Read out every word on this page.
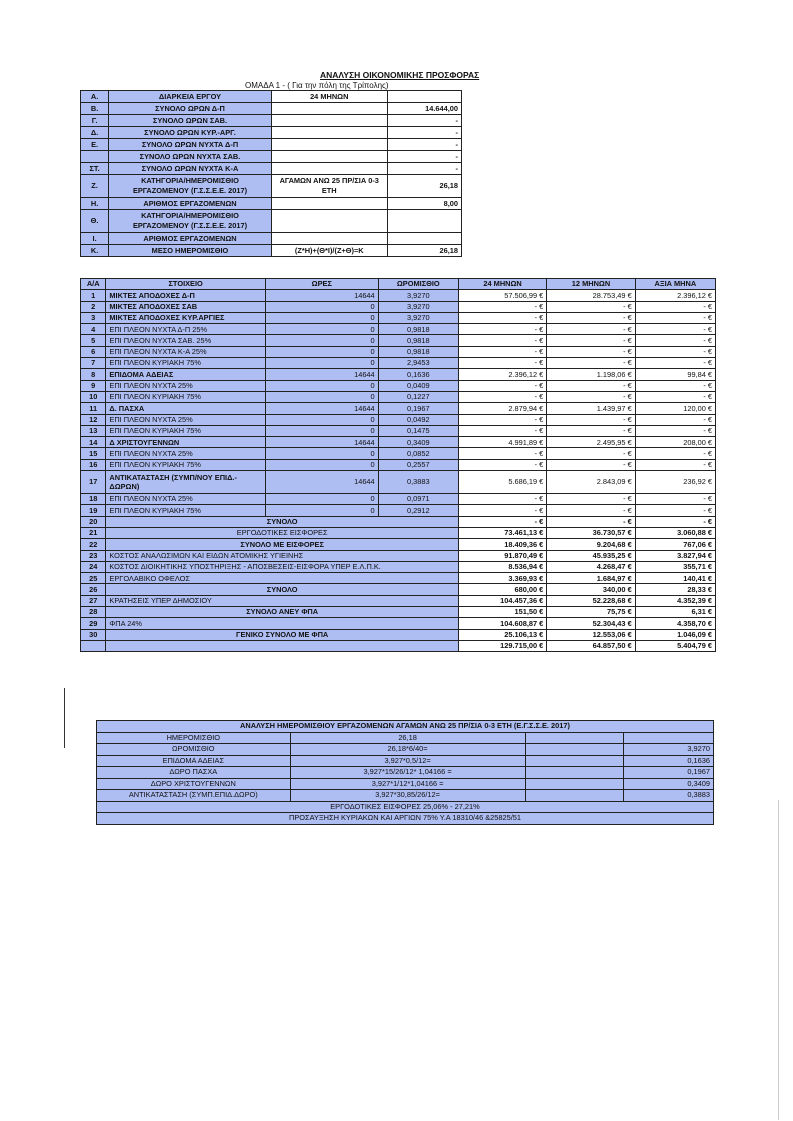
ΑΝΑΛΥΣΗ ΟΙΚΟΝΟΜΙΚΗΣ ΠΡΟΣΦΟΡΑΣ
ΟΜΑΔΑ 1 - ( Για την πόλη της Τρίπολης)
Α.	ΔΙΑΡΚΕΙΑ ΕΡΓΟΥ	24 ΜΗΝΩΝ	
Β.	ΣΥΝΟΛΟ ΩΡΩΝ Δ-Π		14.644,00
Γ.	ΣΥΝΟΛΟ ΩΡΩΝ ΣΑΒ.		-
Δ.	ΣΥΝΟΛΟ ΩΡΩΝ ΚΥΡ.-ΑΡΓ.		-
Ε.	ΣΥΝΟΛΟ ΩΡΩΝ ΝΥΧΤΑ Δ-Π		-
	ΣΥΝΟΛΟ ΩΡΩΝ ΝΥΧΤΑ ΣΑΒ.		-
ΣΤ.	ΣΥΝΟΛΟ ΩΡΩΝ ΝΥΧΤΑ Κ-Α		-
Ζ.	ΚΑΤΗΓΟΡΙΑ/ΗΜΕΡΟΜΙΣΘΙΟ ΕΡΓΑΖΟΜΕΝΟΥ (Γ.Σ.Σ.Ε.Ε. 2017)	ΑΓΑΜΩΝ ΑΝΩ 25 ΠΡ/ΣΙΑ 0-3 ΕΤΗ	26,18
Η.	ΑΡΙΘΜΟΣ ΕΡΓΑΖΟΜΕΝΩΝ		8,00
Θ.	ΚΑΤΗΓΟΡΙΑ/ΗΜΕΡΟΜΙΣΘΙΟ ΕΡΓΑΖΟΜΕΝΟΥ (Γ.Σ.Σ.Ε.Ε. 2017)		
Ι.	ΑΡΙΘΜΟΣ ΕΡΓΑΖΟΜΕΝΩΝ		
Κ.	ΜΕΣΟ ΗΜΕΡΟΜΙΣΘΙΟ	(Ζ*Η)+(Θ*Ι)/(Ζ+Θ)=Κ	26,18
Α/Α	ΣΤΟΙΧΕΙΟ	ΩΡΕΣ	ΩΡΟΜΙΣΘΙΟ	24 ΜΗΝΩΝ	12 ΜΗΝΩΝ	ΑΞΙΑ ΜΗΝΑ
1	ΜΙΚΤΕΣ ΑΠΟΔΟΧΕΣ Δ-Π	14644	3,9270	57.506,99 €	28.753,49 €	2.396,12 €
2	ΜΙΚΤΕΣ ΑΠΟΔΟΧΕΣ ΣΑΒ	0	3,9270	- €	- €	- €
3	ΜΙΚΤΕΣ ΑΠΟΔΟΧΕΣ ΚΥΡ.ΑΡΓΙΕΣ	0	3,9270	- €	- €	- €
4	ΕΠΙ ΠΛΕΟΝ ΝΥΧΤΑ Δ-Π 25%	0	0,9818	- €	- €	- €
5	ΕΠΙ ΠΛΕΟΝ ΝΥΧΤΑ ΣΑΒ. 25%	0	0,9818	- €	- €	- €
6	ΕΠΙ ΠΛΕΟΝ ΝΥΧΤΑ Κ-Α 25%	0	0,9818	- €	- €	- €
7	ΕΠΙ ΠΛΕΟΝ ΚΥΡΙΑΚΗ 75%	0	2,9453	- €	- €	- €
8	ΕΠΙΔΟΜΑ ΑΔΕΙΑΣ	14644	0,1636	2.396,12 €	1.198,06 €	99,84 €
9	ΕΠΙ ΠΛΕΟΝ ΝΥΧΤΑ 25%	0	0,0409	- €	- €	- €
10	ΕΠΙ ΠΛΕΟΝ ΚΥΡΙΑΚΗ 75%	0	0,1227	- €	- €	- €
11	Δ. ΠΑΣΧΑ	14644	0,1967	2.879,94 €	1.439,97 €	120,00 €
12	ΕΠΙ ΠΛΕΟΝ ΝΥΧΤΑ 25%	0	0,0492	- €	- €	- €
13	ΕΠΙ ΠΛΕΟΝ ΚΥΡΙΑΚΗ 75%	0	0,1475	- €	- €	- €
14	Δ ΧΡΙΣΤΟΥΓΕΝΝΩΝ	14644	0,3409	4.991,89 €	2.495,95 €	208,00 €
15	ΕΠΙ ΠΛΕΟΝ ΝΥΧΤΑ 25%	0	0,0852	- €	- €	- €
16	ΕΠΙ ΠΛΕΟΝ ΚΥΡΙΑΚΗ 75%	0	0,2557	- €	- €	- €
17	ΑΝΤΙΚΑΤΑΣΤΑΣΗ (ΣΥΜΠ/ΝΟΥ ΕΠΙΔ.-ΔΩΡΩΝ)	14644	0,3883	5.686,19 €	2.843,09 €	236,92 €
18	ΕΠΙ ΠΛΕΟΝ ΝΥΧΤΑ 25%	0	0,0971	- €	- €	- €
19	ΕΠΙ ΠΛΕΟΝ ΚΥΡΙΑΚΗ 75%	0	0,2912	- €	- €	- €
20	ΣΥΝΟΛΟ			- €	- €	- €
21	ΕΡΓΟΔΟΤΙΚΕΣ ΕΙΣΦΟΡΕΣ			73.461,13 €	36.730,57 €	3.060,88 €
22	ΣΥΝΟΛΟ ΜΕ ΕΙΣΦΟΡΕΣ			18.409,36 €	9.204,68 €	767,06 €
23	ΚΟΣΤΟΣ ΑΝΑΛΩΣΙΜΩΝ ΚΑΙ ΕΙΔΩΝ ΑΤΟΜΙΚΗΣ ΥΓΙΕΙΝΗΣ			91.870,49 €	45.935,25 €	3.827,94 €
24	ΚΟΣΤΟΣ ΔΙΟΙΚΗΤΙΚΗΣ ΥΠΟΣΤΗΡΙΞΗΣ - ΑΠΟΣΒΕΣΕΙΣ-ΕΙΣΦΟΡΑ ΥΠΕΡ Ε.Λ.Π.Κ.			8.536,94 €	4.268,47 €	355,71 €
25	ΕΡΓΟΛΑΒΙΚΟ ΟΦΕΛΟΣ			3.369,93 €	1.684,97 €	140,41 €
26	ΣΥΝΟΛΟ			680,00 €	340,00 €	28,33 €
27	ΚΡΑΤΗΣΕΙΣ ΥΠΕΡ ΔΗΜΟΣΙΟΥ			104.457,36 €	52.228,68 €	4.352,39 €
28	ΣΥΝΟΛΟ ΑΝΕΥ ΦΠΑ			151,50 €	75,75 €	6,31 €
29	ΦΠΑ 24%			104.608,87 €	52.304,43 €	4.358,70 €
30	ΓΕΝΙΚΟ ΣΥΝΟΛΟ ΜΕ ΦΠΑ			25.106,13 €	12.553,06 €	1.046,09 €
				129.715,00 €	64.857,50 €	5.404,79 €
ΑΝΑΛΥΣΗ ΗΜΕΡΟΜΙΣΘΙΟΥ ΕΡΓΑΖΟΜΕΝΩΝ ΑΓΑΜΩΝ ΑΝΩ 25 ΠΡ/ΣΙΑ 0-3 ΕΤΗ (Ε.Γ.Σ.Σ.Ε. 2017)			
ΗΜΕΡΟΜΙΣΘΙΟ	26,18		
ΩΡΟΜΙΣΘΙΟ	26,18*6/40=		3,9270
ΕΠΙΔΟΜΑ ΑΔΕΙΑΣ	3,927*0,5/12=		0,1636
ΔΩΡΟ ΠΑΣΧΑ	3,927*15/26/12* 1,04166 =		0,1967
ΔΩΡΟ ΧΡΙΣΤΟΥΓΕΝΝΩΝ	3,927*1/12*1,04166 =		0,3409
ΑΝΤΙΚΑΤΑΣΤΑΣΗ (ΣΥΜΠ.ΕΠΙΔ.ΔΩΡΟ)	3,927*30,85/26/12=		0,3883
ΕΡΓΟΔΟΤΙΚΕΣ ΕΙΣΦΟΡΕΣ 25,06% - 27,21%			
ΠΡΟΣΑΥΞΗΣΗ ΚΥΡΙΑΚΩΝ ΚΑΙ ΑΡΓΙΩΝ 75% Υ.Α 18310/46 &25825/51			
